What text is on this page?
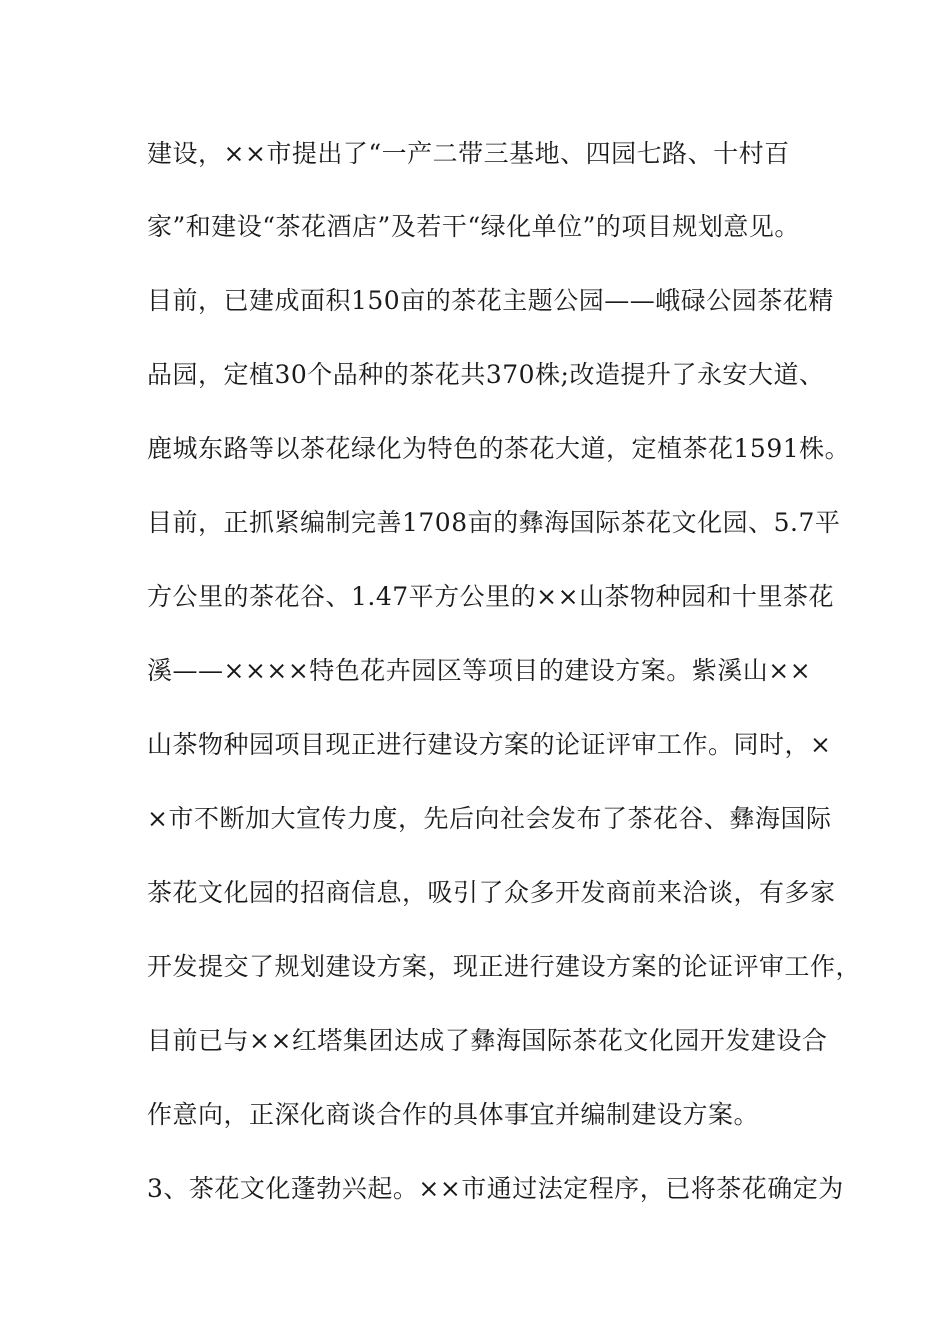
建设，××市提出了“一产二带三基地、四园七路、十村百
家”和建设“茶花酒店”及若干“绿化单位”的项目规划意见。
目前，已建成面积150亩的茶花主题公园——峨碌公园茶花精
品园，定植30个品种的茶花共370株;改造提升了永安大道、
鹿城东路等以茶花绿化为特色的茶花大道，定植茶花1591株。
目前，正抓紧编制完善1708亩的彝海国际茶花文化园、5.7平
方公里的茶花谷、1.47平方公里的××山茶物种园和十里茶花
溪——××××特色花卉园区等项目的建设方案。紫溪山××
山茶物种园项目现正进行建设方案的论证评审工作。同时，×
×市不断加大宣传力度，先后向社会发布了茶花谷、彝海国际
茶花文化园的招商信息，吸引了众多开发商前来洽谈，有多家
开发提交了规划建设方案，现正进行建设方案的论证评审工作，
目前已与××红塔集团达成了彝海国际茶花文化园开发建设合
作意向，正深化商谈合作的具体事宜并编制建设方案。
3、茶花文化蓬勃兴起。××市通过法定程序，已将茶花确定为
